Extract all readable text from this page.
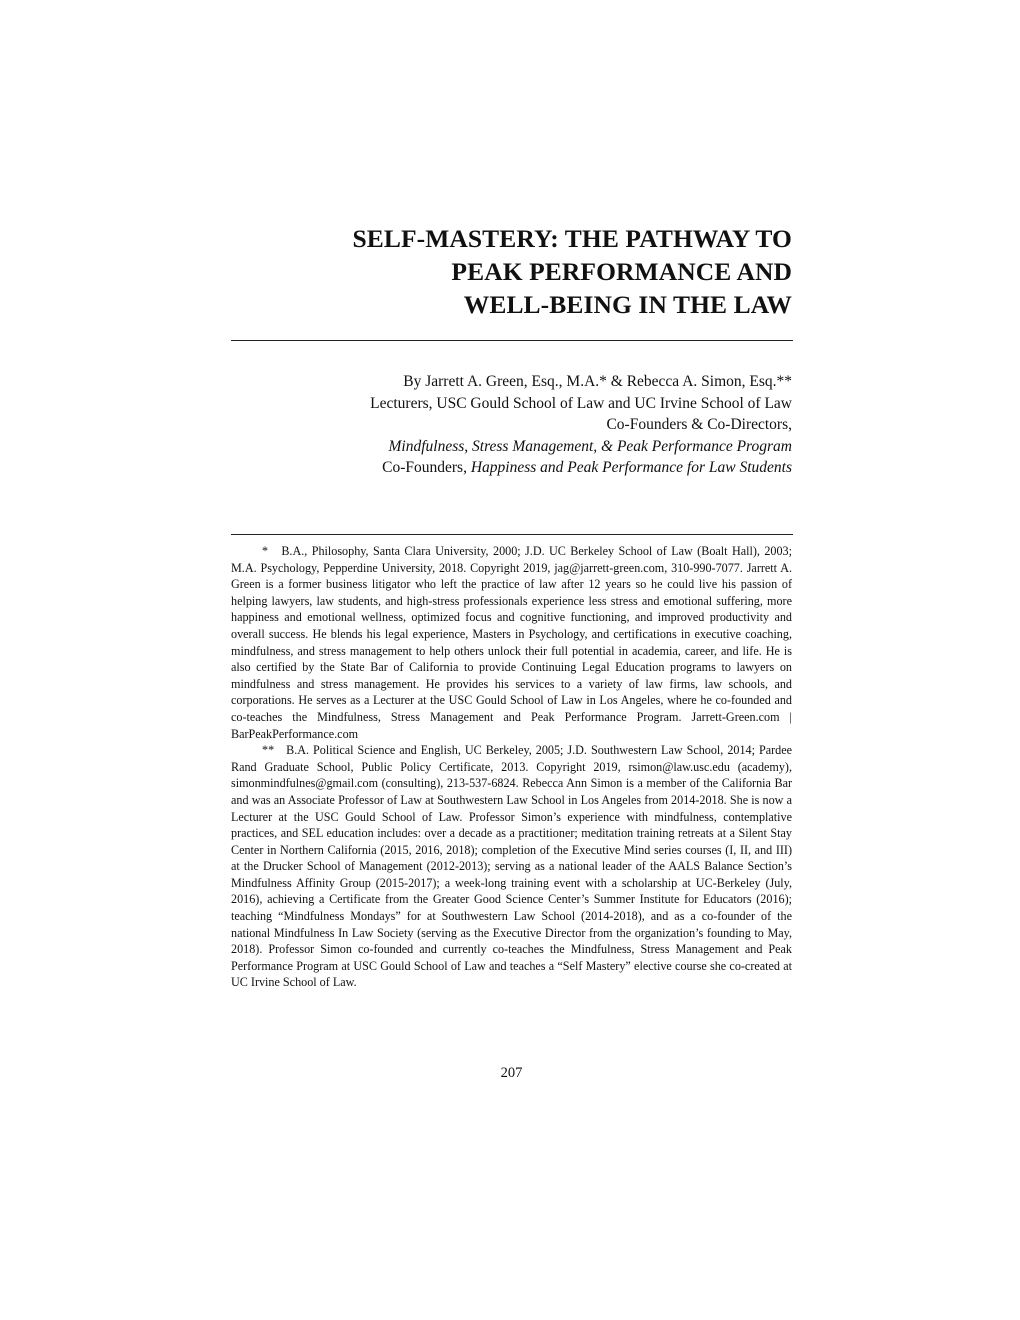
SELF-MASTERY: THE PATHWAY TO
PEAK PERFORMANCE AND
WELL-BEING IN THE LAW
By Jarrett A. Green, Esq., M.A.* & Rebecca A. Simon, Esq.**
Lecturers, USC Gould School of Law and UC Irvine School of Law
Co-Founders & Co-Directors,
Mindfulness, Stress Management, & Peak Performance Program
Co-Founders, Happiness and Peak Performance for Law Students

* B.A., Philosophy, Santa Clara University, 2000; J.D. UC Berkeley School of Law (Boalt Hall), 2003; M.A. Psychology, Pepperdine University, 2018. Copyright 2019, jag@jarrett-green.com, 310-990-7077. Jarrett A. Green is a former business litigator who left the practice of law after 12 years so he could live his passion of helping lawyers, law students, and high-stress professionals experience less stress and emotional suffering, more happiness and emotional wellness, optimized focus and cognitive functioning, and improved productivity and overall success. He blends his legal experience, Masters in Psychology, and certifications in executive coaching, mindfulness, and stress management to help others unlock their full potential in academia, career, and life. He is also certified by the State Bar of California to provide Continuing Legal Education programs to lawyers on mindfulness and stress management. He provides his services to a variety of law firms, law schools, and corporations. He serves as a Lecturer at the USC Gould School of Law in Los Angeles, where he co-founded and co-teaches the Mindfulness, Stress Management and Peak Performance Program. Jarrett-Green.com | BarPeakPerformance.com

** B.A. Political Science and English, UC Berkeley, 2005; J.D. Southwestern Law School, 2014; Pardee Rand Graduate School, Public Policy Certificate, 2013. Copyright 2019, rsimon@law.usc.edu (academy), simonmindfulnes@gmail.com (consulting), 213-537-6824. Rebecca Ann Simon is a member of the California Bar and was an Associate Professor of Law at Southwestern Law School in Los Angeles from 2014-2018. She is now a Lecturer at the USC Gould School of Law. Professor Simon’s experience with mindfulness, contemplative practices, and SEL education includes: over a decade as a practitioner; meditation training retreats at a Silent Stay Center in Northern California (2015, 2016, 2018); completion of the Executive Mind series courses (I, II, and III) at the Drucker School of Management (2012-2013); serving as a national leader of the AALS Balance Section’s Mindfulness Affinity Group (2015-2017); a week-long training event with a scholarship at UC-Berkeley (July, 2016), achieving a Certificate from the Greater Good Science Center’s Summer Institute for Educators (2016); teaching “Mindfulness Mondays” for at Southwestern Law School (2014-2018), and as a co-founder of the national Mindfulness In Law Society (serving as the Executive Director from the organization’s founding to May, 2018). Professor Simon co-founded and currently co-teaches the Mindfulness, Stress Management and Peak Performance Program at USC Gould School of Law and teaches a “Self Mastery” elective course she co-created at UC Irvine School of Law.

207
